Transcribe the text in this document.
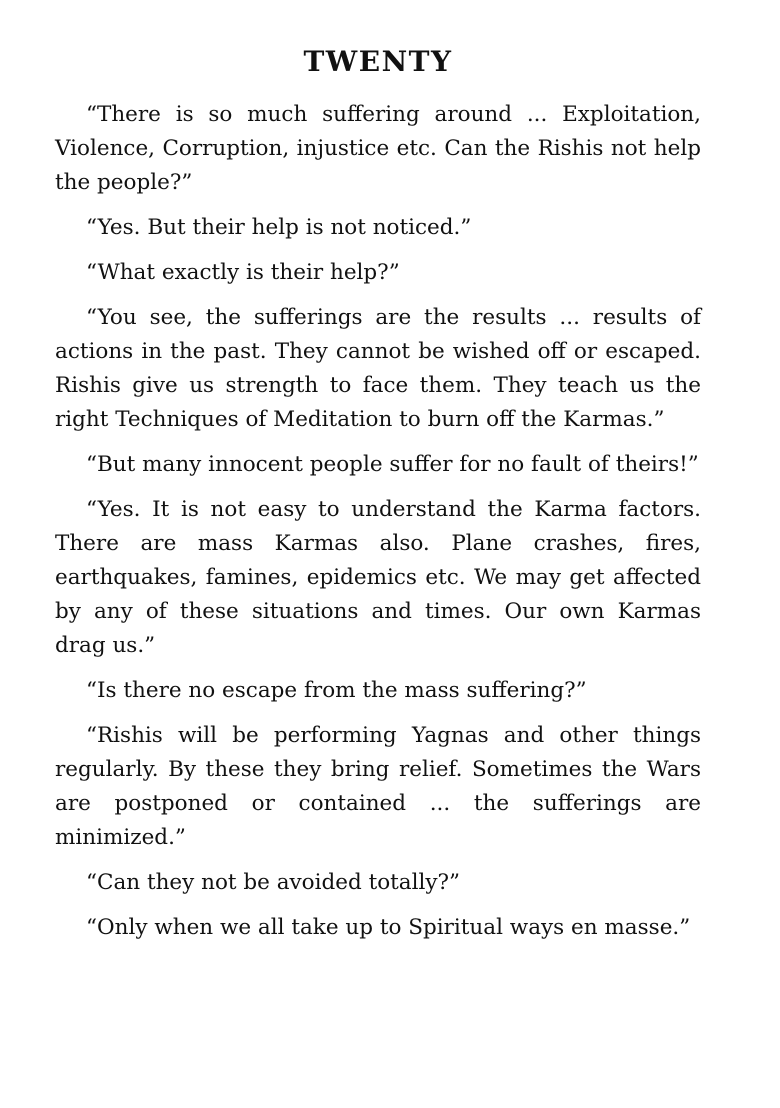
TWENTY

“There is so much suffering around ... Exploitation, Violence, Corruption, injustice etc. Can the Rishis not help the people?”

“Yes. But their help is not noticed.”

“What exactly is their help?”

“You see, the sufferings are the results ... results of actions in the past. They cannot be wished off or escaped. Rishis give us strength to face them. They teach us the right Techniques of Meditation to burn off the Karmas.”

“But many innocent people suffer for no fault of theirs!”

“Yes. It is not easy to understand the Karma factors. There are mass Karmas also. Plane crashes, fires, earthquakes, famines, epidemics etc. We may get affected by any of these situations and times. Our own Karmas drag us.”

“Is there no escape from the mass suffering?”

“Rishis will be performing Yagnas and other things regularly. By these they bring relief. Sometimes the Wars are postponed or contained ... the sufferings are minimized.”

“Can they not be avoided totally?”

“Only when we all take up to Spiritual ways en masse.”
